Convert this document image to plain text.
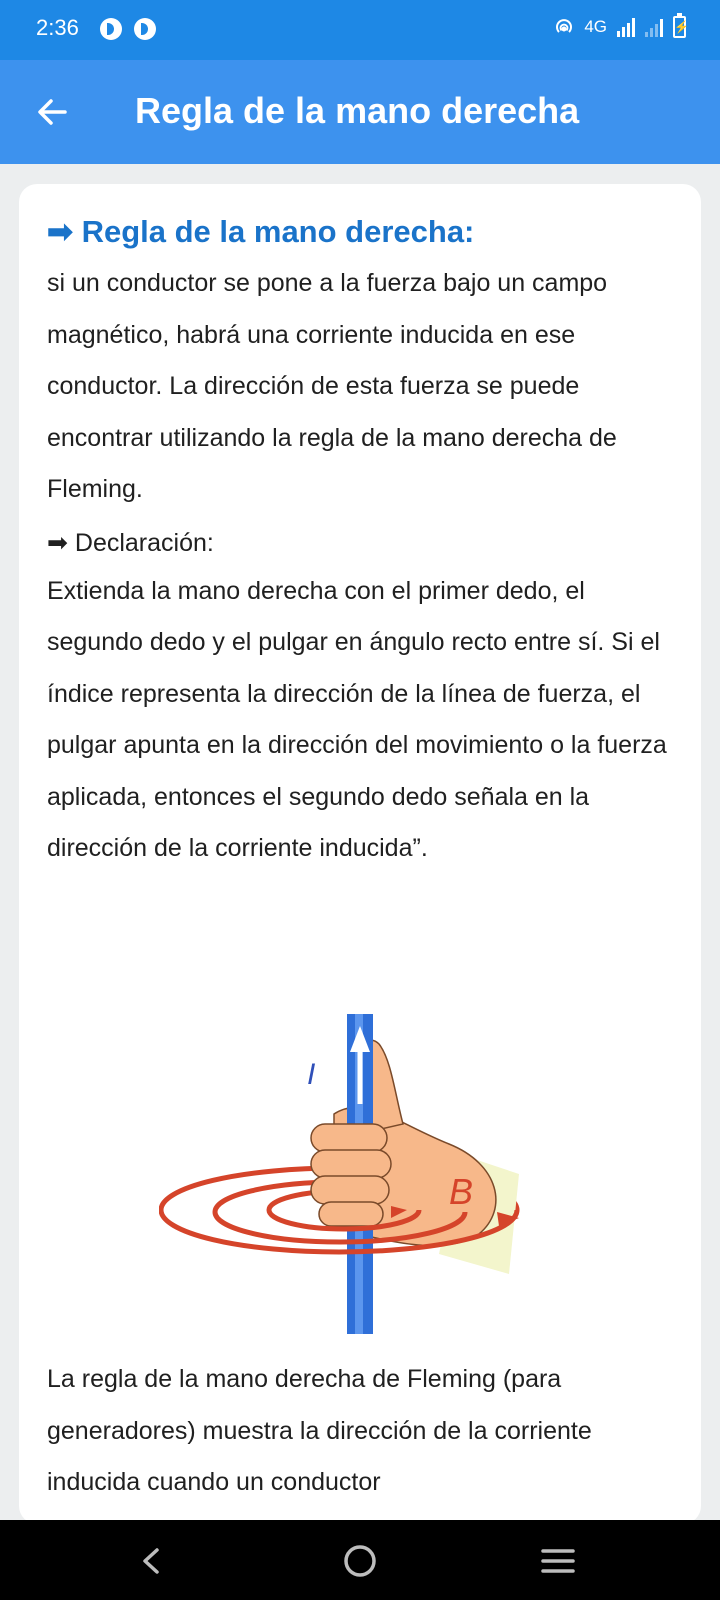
2:36	4G
⚡
Regla de la mano derecha
➡ Regla de la mano derecha:

si un conductor se pone a la fuerza bajo un campo magnético, habrá una corriente inducida en ese conductor. La dirección de esta fuerza se puede encontrar utilizando la regla de la mano derecha de Fleming.

➡ Declaración:

Extienda la mano derecha con el primer dedo, el segundo dedo y el pulgar en ángulo recto entre sí. Si el índice representa la dirección de la línea de fuerza, el pulgar apunta en la dirección del movimiento o la fuerza aplicada, entonces el segundo dedo señala en la dirección de la corriente inducida”.

I
B

La regla de la mano derecha de Fleming (para generadores) muestra la dirección de la corriente inducida cuando un conductor
